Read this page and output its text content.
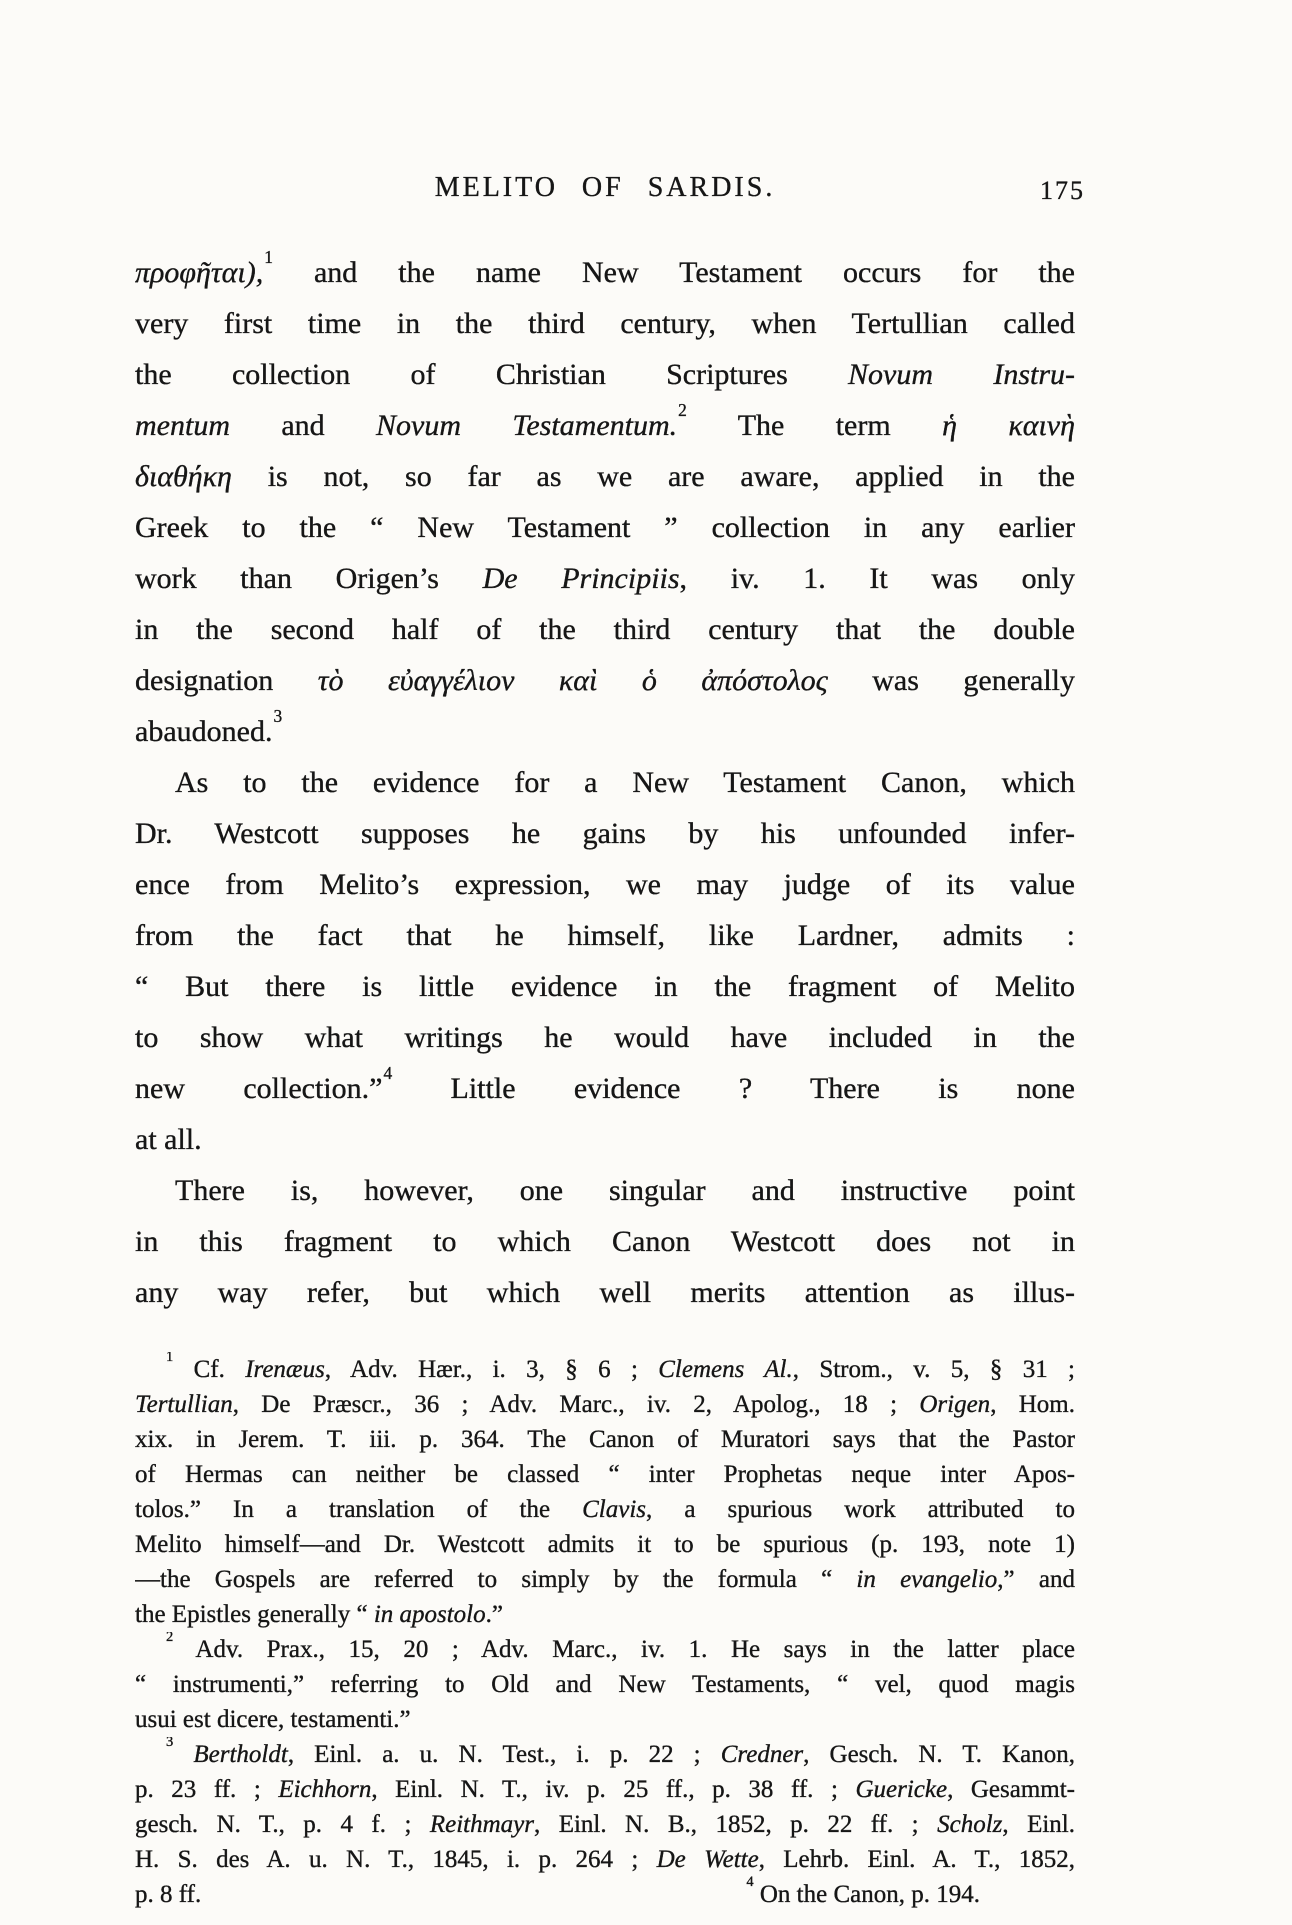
MELITO OF SARDIS.	175
προφῆται),$^1$ and the name New Testament occurs for the
very first time in the third century, when Tertullian called
the collection of Christian Scriptures Novum Instru-
mentum and Novum Testamentum.$^2$ The term ἡ καινὴ
διαθήκη is not, so far as we are aware, applied in the
Greek to the “ New Testament ” collection in any earlier
work than Origen’s De Principiis, iv. 1. It was only
in the second half of the third century that the double
designation τὸ εὐαγγέλιον καὶ ὁ ἀπόστολος was generally
abaudoned.$^3$
As to the evidence for a New Testament Canon, which
Dr. Westcott supposes he gains by his unfounded infer-
ence from Melito’s expression, we may judge of its value
from the fact that he himself, like Lardner, admits :
“ But there is little evidence in the fragment of Melito
to show what writings he would have included in the
new collection.”$^4$ Little evidence ? There is none
at all.
There is, however, one singular and instructive point
in this fragment to which Canon Westcott does not in
any way refer, but which well merits attention as illus-
$^1$ Cf. Irenæus, Adv. Hær., i. 3, § 6 ; Clemens Al., Strom., v. 5, § 31 ;
Tertullian, De Præscr., 36 ; Adv. Marc., iv. 2, Apolog., 18 ; Origen, Hom.
xix. in Jerem. T. iii. p. 364. The Canon of Muratori says that the Pastor
of Hermas can neither be classed “ inter Prophetas neque inter Apos-
tolos.” In a translation of the Clavis, a spurious work attributed to
Melito himself—and Dr. Westcott admits it to be spurious (p. 193, note 1)
—the Gospels are referred to simply by the formula “ in evangelio,” and
the Epistles generally “ in apostolo.”
$^2$ Adv. Prax., 15, 20 ; Adv. Marc., iv. 1. He says in the latter place
“ instrumenti,” referring to Old and New Testaments, “ vel, quod magis
usui est dicere, testamenti.”
$^3$ Bertholdt, Einl. a. u. N. Test., i. p. 22 ; Credner, Gesch. N. T. Kanon,
p. 23 ff. ; Eichhorn, Einl. N. T., iv. p. 25 ff., p. 38 ff. ; Guericke, Gesammt-
gesch. N. T., p. 4 f. ; Reithmayr, Einl. N. B., 1852, p. 22 ff. ; Scholz, Einl.
H. S. des A. u. N. T., 1845, i. p. 264 ; De Wette, Lehrb. Einl. A. T., 1852,
p. 8 ff.	$^4$ On the Canon, p. 194.
